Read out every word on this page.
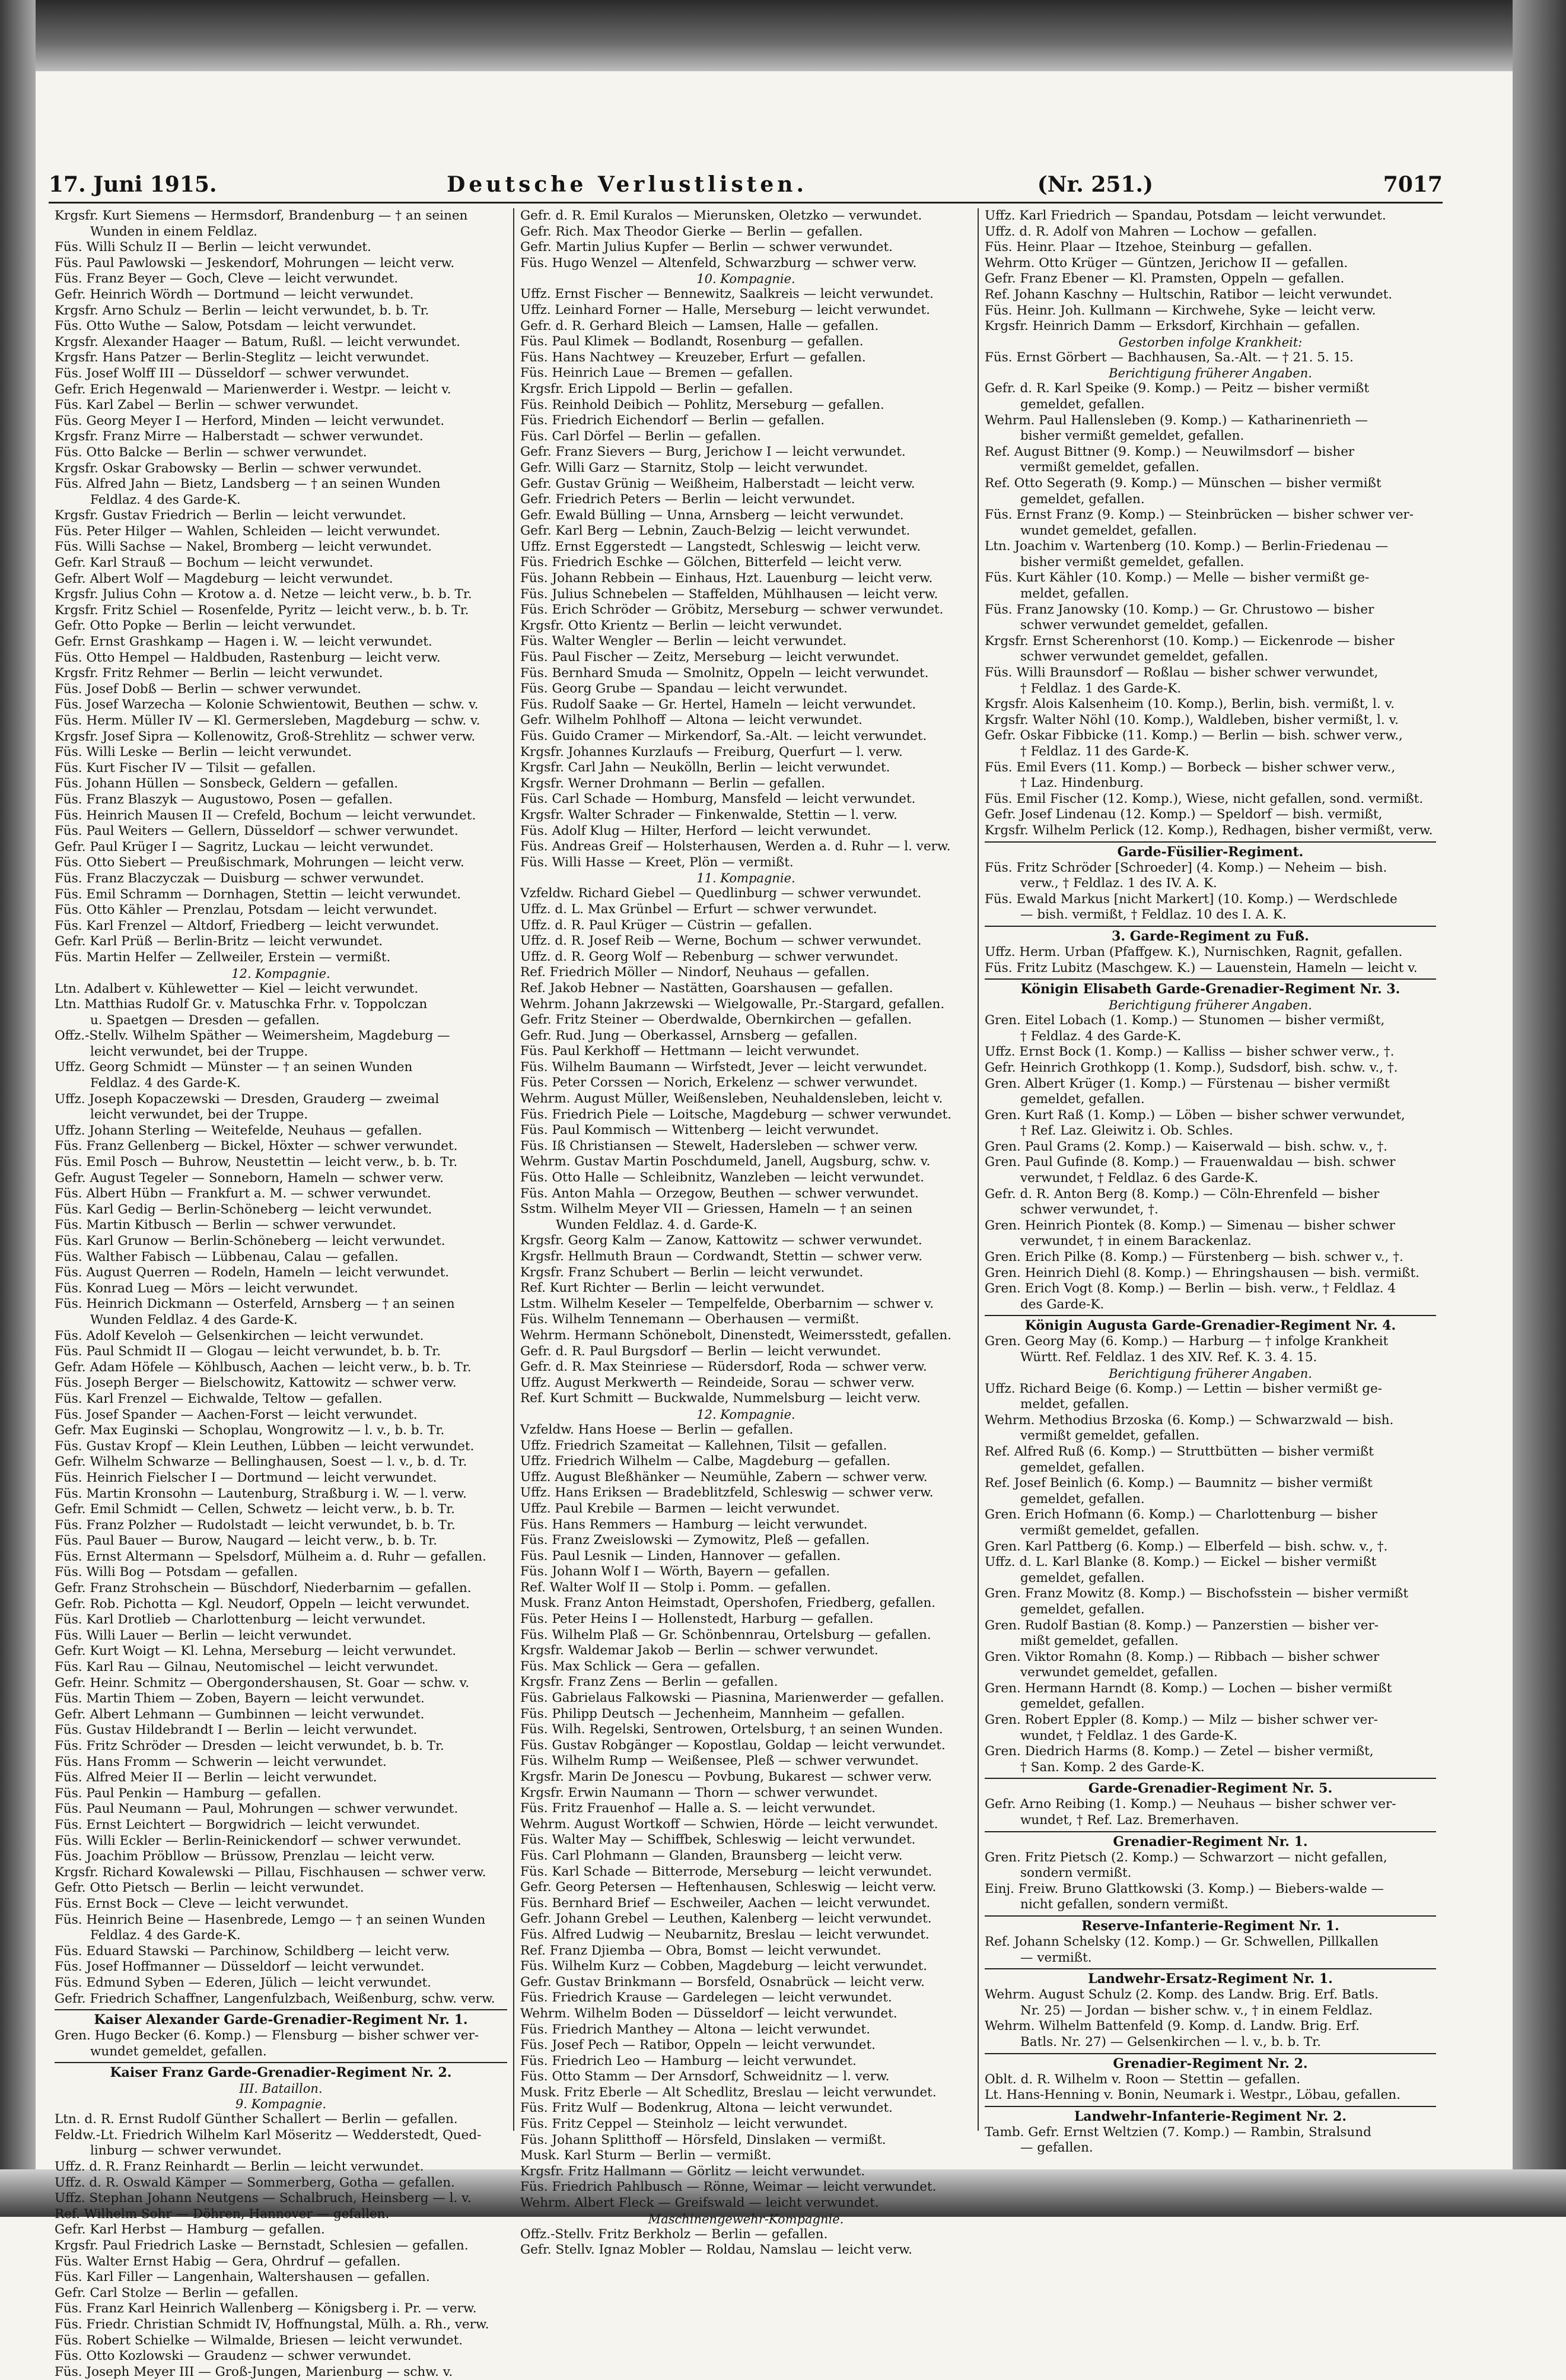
17. Juni 1915.	Deutsche Verlustlisten.	(Nr. 251.)	7017
Krgsfr. Kurt Siemens — Hermsdorf, Brandenburg — † an seinen
Wunden in einem Feldlaz.
Füs. Willi Schulz II — Berlin — leicht verwundet.
Füs. Paul Pawlowski — Jeskendorf, Mohrungen — leicht verw.
Füs. Franz Beyer — Goch, Cleve — leicht verwundet.
Gefr. Heinrich Wördh — Dortmund — leicht verwundet.
Krgsfr. Arno Schulz — Berlin — leicht verwundet, b. b. Tr.
Füs. Otto Wuthe — Salow, Potsdam — leicht verwundet.
Krgsfr. Alexander Haager — Batum, Rußl. — leicht verwundet.
Krgsfr. Hans Patzer — Berlin-Steglitz — leicht verwundet.
Füs. Josef Wolff III — Düsseldorf — schwer verwundet.
Gefr. Erich Hegenwald — Marienwerder i. Westpr. — leicht v.
Füs. Karl Zabel — Berlin — schwer verwundet.
Füs. Georg Meyer I — Herford, Minden — leicht verwundet.
Krgsfr. Franz Mirre — Halberstadt — schwer verwundet.
Füs. Otto Balcke — Berlin — schwer verwundet.
Krgsfr. Oskar Grabowsky — Berlin — schwer verwundet.
Füs. Alfred Jahn — Bietz, Landsberg — † an seinen Wunden
Feldlaz. 4 des Garde-K.
Krgsfr. Gustav Friedrich — Berlin — leicht verwundet.
Füs. Peter Hilger — Wahlen, Schleiden — leicht verwundet.
Füs. Willi Sachse — Nakel, Bromberg — leicht verwundet.
Gefr. Karl Strauß — Bochum — leicht verwundet.
Gefr. Albert Wolf — Magdeburg — leicht verwundet.
Krgsfr. Julius Cohn — Krotow a. d. Netze — leicht verw., b. b. Tr.
Krgsfr. Fritz Schiel — Rosenfelde, Pyritz — leicht verw., b. b. Tr.
Gefr. Otto Popke — Berlin — leicht verwundet.
Gefr. Ernst Grashkamp — Hagen i. W. — leicht verwundet.
Füs. Otto Hempel — Haldbuden, Rastenburg — leicht verw.
Krgsfr. Fritz Rehmer — Berlin — leicht verwundet.
Füs. Josef Dobß — Berlin — schwer verwundet.
Füs. Josef Warzecha — Kolonie Schwientowit, Beuthen — schw. v.
Füs. Herm. Müller IV — Kl. Germersleben, Magdeburg — schw. v.
Krgsfr. Josef Sipra — Kollenowitz, Groß-Strehlitz — schwer verw.
Füs. Willi Leske — Berlin — leicht verwundet.
Füs. Kurt Fischer IV — Tilsit — gefallen.
Füs. Johann Hüllen — Sonsbeck, Geldern — gefallen.
Füs. Franz Blaszyk — Augustowo, Posen — gefallen.
Füs. Heinrich Mausen II — Crefeld, Bochum — leicht verwundet.
Füs. Paul Weiters — Gellern, Düsseldorf — schwer verwundet.
Gefr. Paul Krüger I — Sagritz, Luckau — leicht verwundet.
Füs. Otto Siebert — Preußischmark, Mohrungen — leicht verw.
Füs. Franz Blaczyczak — Duisburg — schwer verwundet.
Füs. Emil Schramm — Dornhagen, Stettin — leicht verwundet.
Füs. Otto Kähler — Prenzlau, Potsdam — leicht verwundet.
Füs. Karl Frenzel — Altdorf, Friedberg — leicht verwundet.
Gefr. Karl Prüß — Berlin-Britz — leicht verwundet.
Füs. Martin Helfer — Zellweiler, Erstein — vermißt.
12. Kompagnie.
Ltn. Adalbert v. Kühlewetter — Kiel — leicht verwundet.
Ltn. Matthias Rudolf Gr. v. Matuschka Frhr. v. Toppolczan
u. Spaetgen — Dresden — gefallen.
Offz.-Stellv. Wilhelm Späther — Weimersheim, Magdeburg —
leicht verwundet, bei der Truppe.
Uffz. Georg Schmidt — Münster — † an seinen Wunden
Feldlaz. 4 des Garde-K.
Uffz. Joseph Kopaczewski — Dresden, Grauderg — zweimal
leicht verwundet, bei der Truppe.
Uffz. Johann Sterling — Weitefelde, Neuhaus — gefallen.
Füs. Franz Gellenberg — Bickel, Höxter — schwer verwundet.
Füs. Emil Posch — Buhrow, Neustettin — leicht verw., b. b. Tr.
Gefr. August Tegeler — Sonneborn, Hameln — schwer verw.
Füs. Albert Hübn — Frankfurt a. M. — schwer verwundet.
Füs. Karl Gedig — Berlin-Schöneberg — leicht verwundet.
Füs. Martin Kitbusch — Berlin — schwer verwundet.
Füs. Karl Grunow — Berlin-Schöneberg — leicht verwundet.
Füs. Walther Fabisch — Lübbenau, Calau — gefallen.
Füs. August Querren — Rodeln, Hameln — leicht verwundet.
Füs. Konrad Lueg — Mörs — leicht verwundet.
Füs. Heinrich Dickmann — Osterfeld, Arnsberg — † an seinen
Wunden Feldlaz. 4 des Garde-K.
Füs. Adolf Keveloh — Gelsenkirchen — leicht verwundet.
Füs. Paul Schmidt II — Glogau — leicht verwundet, b. b. Tr.
Gefr. Adam Höfele — Köhlbusch, Aachen — leicht verw., b. b. Tr.
Füs. Joseph Berger — Bielschowitz, Kattowitz — schwer verw.
Füs. Karl Frenzel — Eichwalde, Teltow — gefallen.
Füs. Josef Spander — Aachen-Forst — leicht verwundet.
Gefr. Max Euginski — Schoplau, Wongrowitz — l. v., b. b. Tr.
Füs. Gustav Kropf — Klein Leuthen, Lübben — leicht verwundet.
Gefr. Wilhelm Schwarze — Bellinghausen, Soest — l. v., b. d. Tr.
Füs. Heinrich Fielscher I — Dortmund — leicht verwundet.
Füs. Martin Kronsohn — Lautenburg, Straßburg i. W. — l. verw.
Gefr. Emil Schmidt — Cellen, Schwetz — leicht verw., b. b. Tr.
Füs. Franz Polzher — Rudolstadt — leicht verwundet, b. b. Tr.
Füs. Paul Bauer — Burow, Naugard — leicht verw., b. b. Tr.
Füs. Ernst Altermann — Spelsdorf, Mülheim a. d. Ruhr — gefallen.
Füs. Willi Bog — Potsdam — gefallen.
Gefr. Franz Strohschein — Büschdorf, Niederbarnim — gefallen.
Gefr. Rob. Pichotta — Kgl. Neudorf, Oppeln — leicht verwundet.
Füs. Karl Drotlieb — Charlottenburg — leicht verwundet.
Füs. Willi Lauer — Berlin — leicht verwundet.
Gefr. Kurt Woigt — Kl. Lehna, Merseburg — leicht verwundet.
Füs. Karl Rau — Gilnau, Neutomischel — leicht verwundet.
Gefr. Heinr. Schmitz — Obergondershausen, St. Goar — schw. v.
Füs. Martin Thiem — Zoben, Bayern — leicht verwundet.
Gefr. Albert Lehmann — Gumbinnen — leicht verwundet.
Füs. Gustav Hildebrandt I — Berlin — leicht verwundet.
Füs. Fritz Schröder — Dresden — leicht verwundet, b. b. Tr.
Füs. Hans Fromm — Schwerin — leicht verwundet.
Füs. Alfred Meier II — Berlin — leicht verwundet.
Füs. Paul Penkin — Hamburg — gefallen.
Füs. Paul Neumann — Paul, Mohrungen — schwer verwundet.
Füs. Ernst Leichtert — Borgwidrich — leicht verwundet.
Füs. Willi Eckler — Berlin-Reinickendorf — schwer verwundet.
Füs. Joachim Pröbllow — Brüssow, Prenzlau — leicht verw.
Krgsfr. Richard Kowalewski — Pillau, Fischhausen — schwer verw.
Gefr. Otto Pietsch — Berlin — leicht verwundet.
Füs. Ernst Bock — Cleve — leicht verwundet.
Füs. Heinrich Beine — Hasenbrede, Lemgo — † an seinen Wunden
Feldlaz. 4 des Garde-K.
Füs. Eduard Stawski — Parchinow, Schildberg — leicht verw.
Füs. Josef Hoffmanner — Düsseldorf — leicht verwundet.
Füs. Edmund Syben — Ederen, Jülich — leicht verwundet.
Gefr. Friedrich Schaffner, Langenfulzbach, Weißenburg, schw. verw.
Kaiser Alexander Garde-Grenadier-Regiment Nr. 1.
Gren. Hugo Becker (6. Komp.) — Flensburg — bisher schwer ver-
wundet gemeldet, gefallen.
Kaiser Franz Garde-Grenadier-Regiment Nr. 2.
III. Bataillon.
9. Kompagnie.
Ltn. d. R. Ernst Rudolf Günther Schallert — Berlin — gefallen.
Feldw.-Lt. Friedrich Wilhelm Karl Möseritz — Wedderstedt, Qued-
linburg — schwer verwundet.
Uffz. d. R. Franz Reinhardt — Berlin — leicht verwundet.
Uffz. d. R. Oswald Kämper — Sommerberg, Gotha — gefallen.
Uffz. Stephan Johann Neutgens — Schalbruch, Heinsberg — l. v.
Ref. Wilhelm Sohr — Döhren, Hannover — gefallen.
Gefr. Karl Herbst — Hamburg — gefallen.
Krgsfr. Paul Friedrich Laske — Bernstadt, Schlesien — gefallen.
Füs. Walter Ernst Habig — Gera, Ohrdruf — gefallen.
Füs. Karl Filler — Langenhain, Waltershausen — gefallen.
Gefr. Carl Stolze — Berlin — gefallen.
Füs. Franz Karl Heinrich Wallenberg — Königsberg i. Pr. — verw.
Füs. Friedr. Christian Schmidt IV, Hoffnungstal, Mülh. a. Rh., verw.
Füs. Robert Schielke — Wilmalde, Briesen — leicht verwundet.
Füs. Otto Kozlowski — Graudenz — schwer verwundet.
Füs. Joseph Meyer III — Groß-Jungen, Marienburg — schw. v.
Gefr. d. R. Emil Kuralos — Mierunsken, Oletzko — verwundet.
Gefr. Rich. Max Theodor Gierke — Berlin — gefallen.
Gefr. Martin Julius Kupfer — Berlin — schwer verwundet.
Füs. Hugo Wenzel — Altenfeld, Schwarzburg — schwer verw.
10. Kompagnie.
Uffz. Ernst Fischer — Bennewitz, Saalkreis — leicht verwundet.
Uffz. Leinhard Forner — Halle, Merseburg — leicht verwundet.
Gefr. d. R. Gerhard Bleich — Lamsen, Halle — gefallen.
Füs. Paul Klimek — Bodlandt, Rosenburg — gefallen.
Füs. Hans Nachtwey — Kreuzeber, Erfurt — gefallen.
Füs. Heinrich Laue — Bremen — gefallen.
Krgsfr. Erich Lippold — Berlin — gefallen.
Füs. Reinhold Deibich — Pohlitz, Merseburg — gefallen.
Füs. Friedrich Eichendorf — Berlin — gefallen.
Füs. Carl Dörfel — Berlin — gefallen.
Gefr. Franz Sievers — Burg, Jerichow I — leicht verwundet.
Gefr. Willi Garz — Starnitz, Stolp — leicht verwundet.
Gefr. Gustav Grünig — Weißheim, Halberstadt — leicht verw.
Gefr. Friedrich Peters — Berlin — leicht verwundet.
Gefr. Ewald Bülling — Unna, Arnsberg — leicht verwundet.
Gefr. Karl Berg — Lebnin, Zauch-Belzig — leicht verwundet.
Uffz. Ernst Eggerstedt — Langstedt, Schleswig — leicht verw.
Füs. Friedrich Eschke — Gölchen, Bitterfeld — leicht verw.
Füs. Johann Rebbein — Einhaus, Hzt. Lauenburg — leicht verw.
Füs. Julius Schnebelen — Staffelden, Mühlhausen — leicht verw.
Füs. Erich Schröder — Gröbitz, Merseburg — schwer verwundet.
Krgsfr. Otto Krientz — Berlin — leicht verwundet.
Füs. Walter Wengler — Berlin — leicht verwundet.
Füs. Paul Fischer — Zeitz, Merseburg — leicht verwundet.
Füs. Bernhard Smuda — Smolnitz, Oppeln — leicht verwundet.
Füs. Georg Grube — Spandau — leicht verwundet.
Füs. Rudolf Saake — Gr. Hertel, Hameln — leicht verwundet.
Gefr. Wilhelm Pohlhoff — Altona — leicht verwundet.
Füs. Guido Cramer — Mirkendorf, Sa.-Alt. — leicht verwundet.
Krgsfr. Johannes Kurzlaufs — Freiburg, Querfurt — l. verw.
Krgsfr. Carl Jahn — Neukölln, Berlin — leicht verwundet.
Krgsfr. Werner Drohmann — Berlin — gefallen.
Füs. Carl Schade — Homburg, Mansfeld — leicht verwundet.
Krgsfr. Walter Schrader — Finkenwalde, Stettin — l. verw.
Füs. Adolf Klug — Hilter, Herford — leicht verwundet.
Füs. Andreas Greif — Holsterhausen, Werden a. d. Ruhr — l. verw.
Füs. Willi Hasse — Kreet, Plön — vermißt.
11. Kompagnie.
Vzfeldw. Richard Giebel — Quedlinburg — schwer verwundet.
Uffz. d. L. Max Grünbel — Erfurt — schwer verwundet.
Uffz. d. R. Paul Krüger — Cüstrin — gefallen.
Uffz. d. R. Josef Reib — Werne, Bochum — schwer verwundet.
Uffz. d. R. Georg Wolf — Rebenburg — schwer verwundet.
Ref. Friedrich Möller — Nindorf, Neuhaus — gefallen.
Ref. Jakob Hebner — Nastätten, Goarshausen — gefallen.
Wehrm. Johann Jakrzewski — Wielgowalle, Pr.-Stargard, gefallen.
Gefr. Fritz Steiner — Oberdwalde, Obernkirchen — gefallen.
Gefr. Rud. Jung — Oberkassel, Arnsberg — gefallen.
Füs. Paul Kerkhoff — Hettmann — leicht verwundet.
Füs. Wilhelm Baumann — Wirfstedt, Jever — leicht verwundet.
Füs. Peter Corssen — Norich, Erkelenz — schwer verwundet.
Wehrm. August Müller, Weißensleben, Neuhaldensleben, leicht v.
Füs. Friedrich Piele — Loitsche, Magdeburg — schwer verwundet.
Füs. Paul Kommisch — Wittenberg — leicht verwundet.
Füs. Iß Christiansen — Stewelt, Hadersleben — schwer verw.
Wehrm. Gustav Martin Poschdumeld, Janell, Augsburg, schw. v.
Füs. Otto Halle — Schleibnitz, Wanzleben — leicht verwundet.
Füs. Anton Mahla — Orzegow, Beuthen — schwer verwundet.
Sstm. Wilhelm Meyer VII — Griessen, Hameln — † an seinen
Wunden Feldlaz. 4. d. Garde-K.
Krgsfr. Georg Kalm — Zanow, Kattowitz — schwer verwundet.
Krgsfr. Hellmuth Braun — Cordwandt, Stettin — schwer verw.
Krgsfr. Franz Schubert — Berlin — leicht verwundet.
Ref. Kurt Richter — Berlin — leicht verwundet.
Lstm. Wilhelm Keseler — Tempelfelde, Oberbarnim — schwer v.
Füs. Wilhelm Tennemann — Oberhausen — vermißt.
Wehrm. Hermann Schönebolt, Dinenstedt, Weimersstedt, gefallen.
Gefr. d. R. Paul Burgsdorf — Berlin — leicht verwundet.
Gefr. d. R. Max Steinriese — Rüdersdorf, Roda — schwer verw.
Uffz. August Merkwerth — Reindeide, Sorau — schwer verw.
Ref. Kurt Schmitt — Buckwalde, Nummelsburg — leicht verw.
12. Kompagnie.
Vzfeldw. Hans Hoese — Berlin — gefallen.
Uffz. Friedrich Szameitat — Kallehnen, Tilsit — gefallen.
Uffz. Friedrich Wilhelm — Calbe, Magdeburg — gefallen.
Uffz. August Bleßhänker — Neumühle, Zabern — schwer verw.
Uffz. Hans Eriksen — Bradeblitzfeld, Schleswig — schwer verw.
Uffz. Paul Krebile — Barmen — leicht verwundet.
Füs. Hans Remmers — Hamburg — leicht verwundet.
Füs. Franz Zweislowski — Zymowitz, Pleß — gefallen.
Füs. Paul Lesnik — Linden, Hannover — gefallen.
Füs. Johann Wolf I — Wörth, Bayern — gefallen.
Ref. Walter Wolf II — Stolp i. Pomm. — gefallen.
Musk. Franz Anton Heimstadt, Opershofen, Friedberg, gefallen.
Füs. Peter Heins I — Hollenstedt, Harburg — gefallen.
Füs. Wilhelm Plaß — Gr. Schönbennrau, Ortelsburg — gefallen.
Krgsfr. Waldemar Jakob — Berlin — schwer verwundet.
Füs. Max Schlick — Gera — gefallen.
Krgsfr. Franz Zens — Berlin — gefallen.
Füs. Gabrielaus Falkowski — Piasnina, Marienwerder — gefallen.
Füs. Philipp Deutsch — Jechenheim, Mannheim — gefallen.
Füs. Wilh. Regelski, Sentrowen, Ortelsburg, † an seinen Wunden.
Füs. Gustav Robgänger — Kopostlau, Goldap — leicht verwundet.
Füs. Wilhelm Rump — Weißensee, Pleß — schwer verwundet.
Krgsfr. Marin De Jonescu — Povbung, Bukarest — schwer verw.
Krgsfr. Erwin Naumann — Thorn — schwer verwundet.
Füs. Fritz Frauenhof — Halle a. S. — leicht verwundet.
Wehrm. August Wortkoff — Schwien, Hörde — leicht verwundet.
Füs. Walter May — Schiffbek, Schleswig — leicht verwundet.
Füs. Carl Plohmann — Glanden, Braunsberg — leicht verw.
Füs. Karl Schade — Bitterrode, Merseburg — leicht verwundet.
Gefr. Georg Petersen — Heftenhausen, Schleswig — leicht verw.
Füs. Bernhard Brief — Eschweiler, Aachen — leicht verwundet.
Gefr. Johann Grebel — Leuthen, Kalenberg — leicht verwundet.
Füs. Alfred Ludwig — Neubarnitz, Breslau — leicht verwundet.
Ref. Franz Djiemba — Obra, Bomst — leicht verwundet.
Füs. Wilhelm Kurz — Cobben, Magdeburg — leicht verwundet.
Gefr. Gustav Brinkmann — Borsfeld, Osnabrück — leicht verw.
Füs. Friedrich Krause — Gardelegen — leicht verwundet.
Wehrm. Wilhelm Boden — Düsseldorf — leicht verwundet.
Füs. Friedrich Manthey — Altona — leicht verwundet.
Füs. Josef Pech — Ratibor, Oppeln — leicht verwundet.
Füs. Friedrich Leo — Hamburg — leicht verwundet.
Füs. Otto Stamm — Der Arnsdorf, Schweidnitz — l. verw.
Musk. Fritz Eberle — Alt Schedlitz, Breslau — leicht verwundet.
Füs. Fritz Wulf — Bodenkrug, Altona — leicht verwundet.
Füs. Fritz Ceppel — Steinholz — leicht verwundet.
Füs. Johann Splitthoff — Hörsfeld, Dinslaken — vermißt.
Musk. Karl Sturm — Berlin — vermißt.
Krgsfr. Fritz Hallmann — Görlitz — leicht verwundet.
Füs. Friedrich Pahlbusch — Rönne, Weimar — leicht verwundet.
Wehrm. Albert Fleck — Greifswald — leicht verwundet.
Maschinengewehr-Kompagnie.
Offz.-Stellv. Fritz Berkholz — Berlin — gefallen.
Gefr. Stellv. Ignaz Mobler — Roldau, Namslau — leicht verw.
Uffz. Karl Friedrich — Spandau, Potsdam — leicht verwundet.
Uffz. d. R. Adolf von Mahren — Lochow — gefallen.
Füs. Heinr. Plaar — Itzehoe, Steinburg — gefallen.
Wehrm. Otto Krüger — Güntzen, Jerichow II — gefallen.
Gefr. Franz Ebener — Kl. Pramsten, Oppeln — gefallen.
Ref. Johann Kaschny — Hultschin, Ratibor — leicht verwundet.
Füs. Heinr. Joh. Kullmann — Kirchwehe, Syke — leicht verw.
Krgsfr. Heinrich Damm — Erksdorf, Kirchhain — gefallen.
Gestorben infolge Krankheit:
Füs. Ernst Görbert — Bachhausen, Sa.-Alt. — † 21. 5. 15.
Berichtigung früherer Angaben.
Gefr. d. R. Karl Speike (9. Komp.) — Peitz — bisher vermißt
gemeldet, gefallen.
Wehrm. Paul Hallensleben (9. Komp.) — Katharinenrieth —
bisher vermißt gemeldet, gefallen.
Ref. August Bittner (9. Komp.) — Neuwilmsdorf — bisher
vermißt gemeldet, gefallen.
Ref. Otto Segerath (9. Komp.) — Münschen — bisher vermißt
gemeldet, gefallen.
Füs. Ernst Franz (9. Komp.) — Steinbrücken — bisher schwer ver-
wundet gemeldet, gefallen.
Ltn. Joachim v. Wartenberg (10. Komp.) — Berlin-Friedenau —
bisher vermißt gemeldet, gefallen.
Füs. Kurt Kähler (10. Komp.) — Melle — bisher vermißt ge-
meldet, gefallen.
Füs. Franz Janowsky (10. Komp.) — Gr. Chrustowo — bisher
schwer verwundet gemeldet, gefallen.
Krgsfr. Ernst Scherenhorst (10. Komp.) — Eickenrode — bisher
schwer verwundet gemeldet, gefallen.
Füs. Willi Braunsdorf — Roßlau — bisher schwer verwundet,
† Feldlaz. 1 des Garde-K.
Krgsfr. Alois Kalsenheim (10. Komp.), Berlin, bish. vermißt, l. v.
Krgsfr. Walter Nöhl (10. Komp.), Waldleben, bisher vermißt, l. v.
Gefr. Oskar Fibbicke (11. Komp.) — Berlin — bish. schwer verw.,
† Feldlaz. 11 des Garde-K.
Füs. Emil Evers (11. Komp.) — Borbeck — bisher schwer verw.,
† Laz. Hindenburg.
Füs. Emil Fischer (12. Komp.), Wiese, nicht gefallen, sond. vermißt.
Gefr. Josef Lindenau (12. Komp.) — Speldorf — bish. vermißt,
Krgsfr. Wilhelm Perlick (12. Komp.), Redhagen, bisher vermißt, verw.
Garde-Füsilier-Regiment.
Füs. Fritz Schröder [Schroeder] (4. Komp.) — Neheim — bish.
verw., † Feldlaz. 1 des IV. A. K.
Füs. Ewald Markus [nicht Markert] (10. Komp.) — Werdschlede
— bish. vermißt, † Feldlaz. 10 des I. A. K.
3. Garde-Regiment zu Fuß.
Uffz. Herm. Urban (Pfaffgew. K.), Nurnischken, Ragnit, gefallen.
Füs. Fritz Lubitz (Maschgew. K.) — Lauenstein, Hameln — leicht v.
Königin Elisabeth Garde-Grenadier-Regiment Nr. 3.
Berichtigung früherer Angaben.
Gren. Eitel Lobach (1. Komp.) — Stunomen — bisher vermißt,
† Feldlaz. 4 des Garde-K.
Uffz. Ernst Bock (1. Komp.) — Kalliss — bisher schwer verw., †.
Gefr. Heinrich Grothkopp (1. Komp.), Sudsdorf, bish. schw. v., †.
Gren. Albert Krüger (1. Komp.) — Fürstenau — bisher vermißt
gemeldet, gefallen.
Gren. Kurt Raß (1. Komp.) — Löben — bisher schwer verwundet,
† Ref. Laz. Gleiwitz i. Ob. Schles.
Gren. Paul Grams (2. Komp.) — Kaiserwald — bish. schw. v., †.
Gren. Paul Gufinde (8. Komp.) — Frauenwaldau — bish. schwer
verwundet, † Feldlaz. 6 des Garde-K.
Gefr. d. R. Anton Berg (8. Komp.) — Cöln-Ehrenfeld — bisher
schwer verwundet, †.
Gren. Heinrich Piontek (8. Komp.) — Simenau — bisher schwer
verwundet, † in einem Barackenlaz.
Gren. Erich Pilke (8. Komp.) — Fürstenberg — bish. schwer v., †.
Gren. Heinrich Diehl (8. Komp.) — Ehringshausen — bish. vermißt.
Gren. Erich Vogt (8. Komp.) — Berlin — bish. verw., † Feldlaz. 4
des Garde-K.
Königin Augusta Garde-Grenadier-Regiment Nr. 4.
Gren. Georg May (6. Komp.) — Harburg — † infolge Krankheit
Württ. Ref. Feldlaz. 1 des XIV. Ref. K. 3. 4. 15.
Berichtigung früherer Angaben.
Uffz. Richard Beige (6. Komp.) — Lettin — bisher vermißt ge-
meldet, gefallen.
Wehrm. Methodius Brzoska (6. Komp.) — Schwarzwald — bish.
vermißt gemeldet, gefallen.
Ref. Alfred Ruß (6. Komp.) — Struttbütten — bisher vermißt
gemeldet, gefallen.
Ref. Josef Beinlich (6. Komp.) — Baumnitz — bisher vermißt
gemeldet, gefallen.
Gren. Erich Hofmann (6. Komp.) — Charlottenburg — bisher
vermißt gemeldet, gefallen.
Gren. Karl Pattberg (6. Komp.) — Elberfeld — bish. schw. v., †.
Uffz. d. L. Karl Blanke (8. Komp.) — Eickel — bisher vermißt
gemeldet, gefallen.
Gren. Franz Mowitz (8. Komp.) — Bischofsstein — bisher vermißt
gemeldet, gefallen.
Gren. Rudolf Bastian (8. Komp.) — Panzerstien — bisher ver-
mißt gemeldet, gefallen.
Gren. Viktor Romahn (8. Komp.) — Ribbach — bisher schwer
verwundet gemeldet, gefallen.
Gren. Hermann Harndt (8. Komp.) — Lochen — bisher vermißt
gemeldet, gefallen.
Gren. Robert Eppler (8. Komp.) — Milz — bisher schwer ver-
wundet, † Feldlaz. 1 des Garde-K.
Gren. Diedrich Harms (8. Komp.) — Zetel — bisher vermißt,
† San. Komp. 2 des Garde-K.
Garde-Grenadier-Regiment Nr. 5.
Gefr. Arno Reibing (1. Komp.) — Neuhaus — bisher schwer ver-
wundet, † Ref. Laz. Bremerhaven.
Grenadier-Regiment Nr. 1.
Gren. Fritz Pietsch (2. Komp.) — Schwarzort — nicht gefallen,
sondern vermißt.
Einj. Freiw. Bruno Glattkowski (3. Komp.) — Biebers-walde —
nicht gefallen, sondern vermißt.
Reserve-Infanterie-Regiment Nr. 1.
Ref. Johann Schelsky (12. Komp.) — Gr. Schwellen, Pillkallen
— vermißt.
Landwehr-Ersatz-Regiment Nr. 1.
Wehrm. August Schulz (2. Komp. des Landw. Brig. Erf. Batls.
Nr. 25) — Jordan — bisher schw. v., † in einem Feldlaz.
Wehrm. Wilhelm Battenfeld (9. Komp. d. Landw. Brig. Erf.
Batls. Nr. 27) — Gelsenkirchen — l. v., b. b. Tr.
Grenadier-Regiment Nr. 2.
Oblt. d. R. Wilhelm v. Roon — Stettin — gefallen.
Lt. Hans-Henning v. Bonin, Neumark i. Westpr., Löbau, gefallen.
Landwehr-Infanterie-Regiment Nr. 2.
Tamb. Gefr. Ernst Weltzien (7. Komp.) — Rambin, Stralsund
— gefallen.
